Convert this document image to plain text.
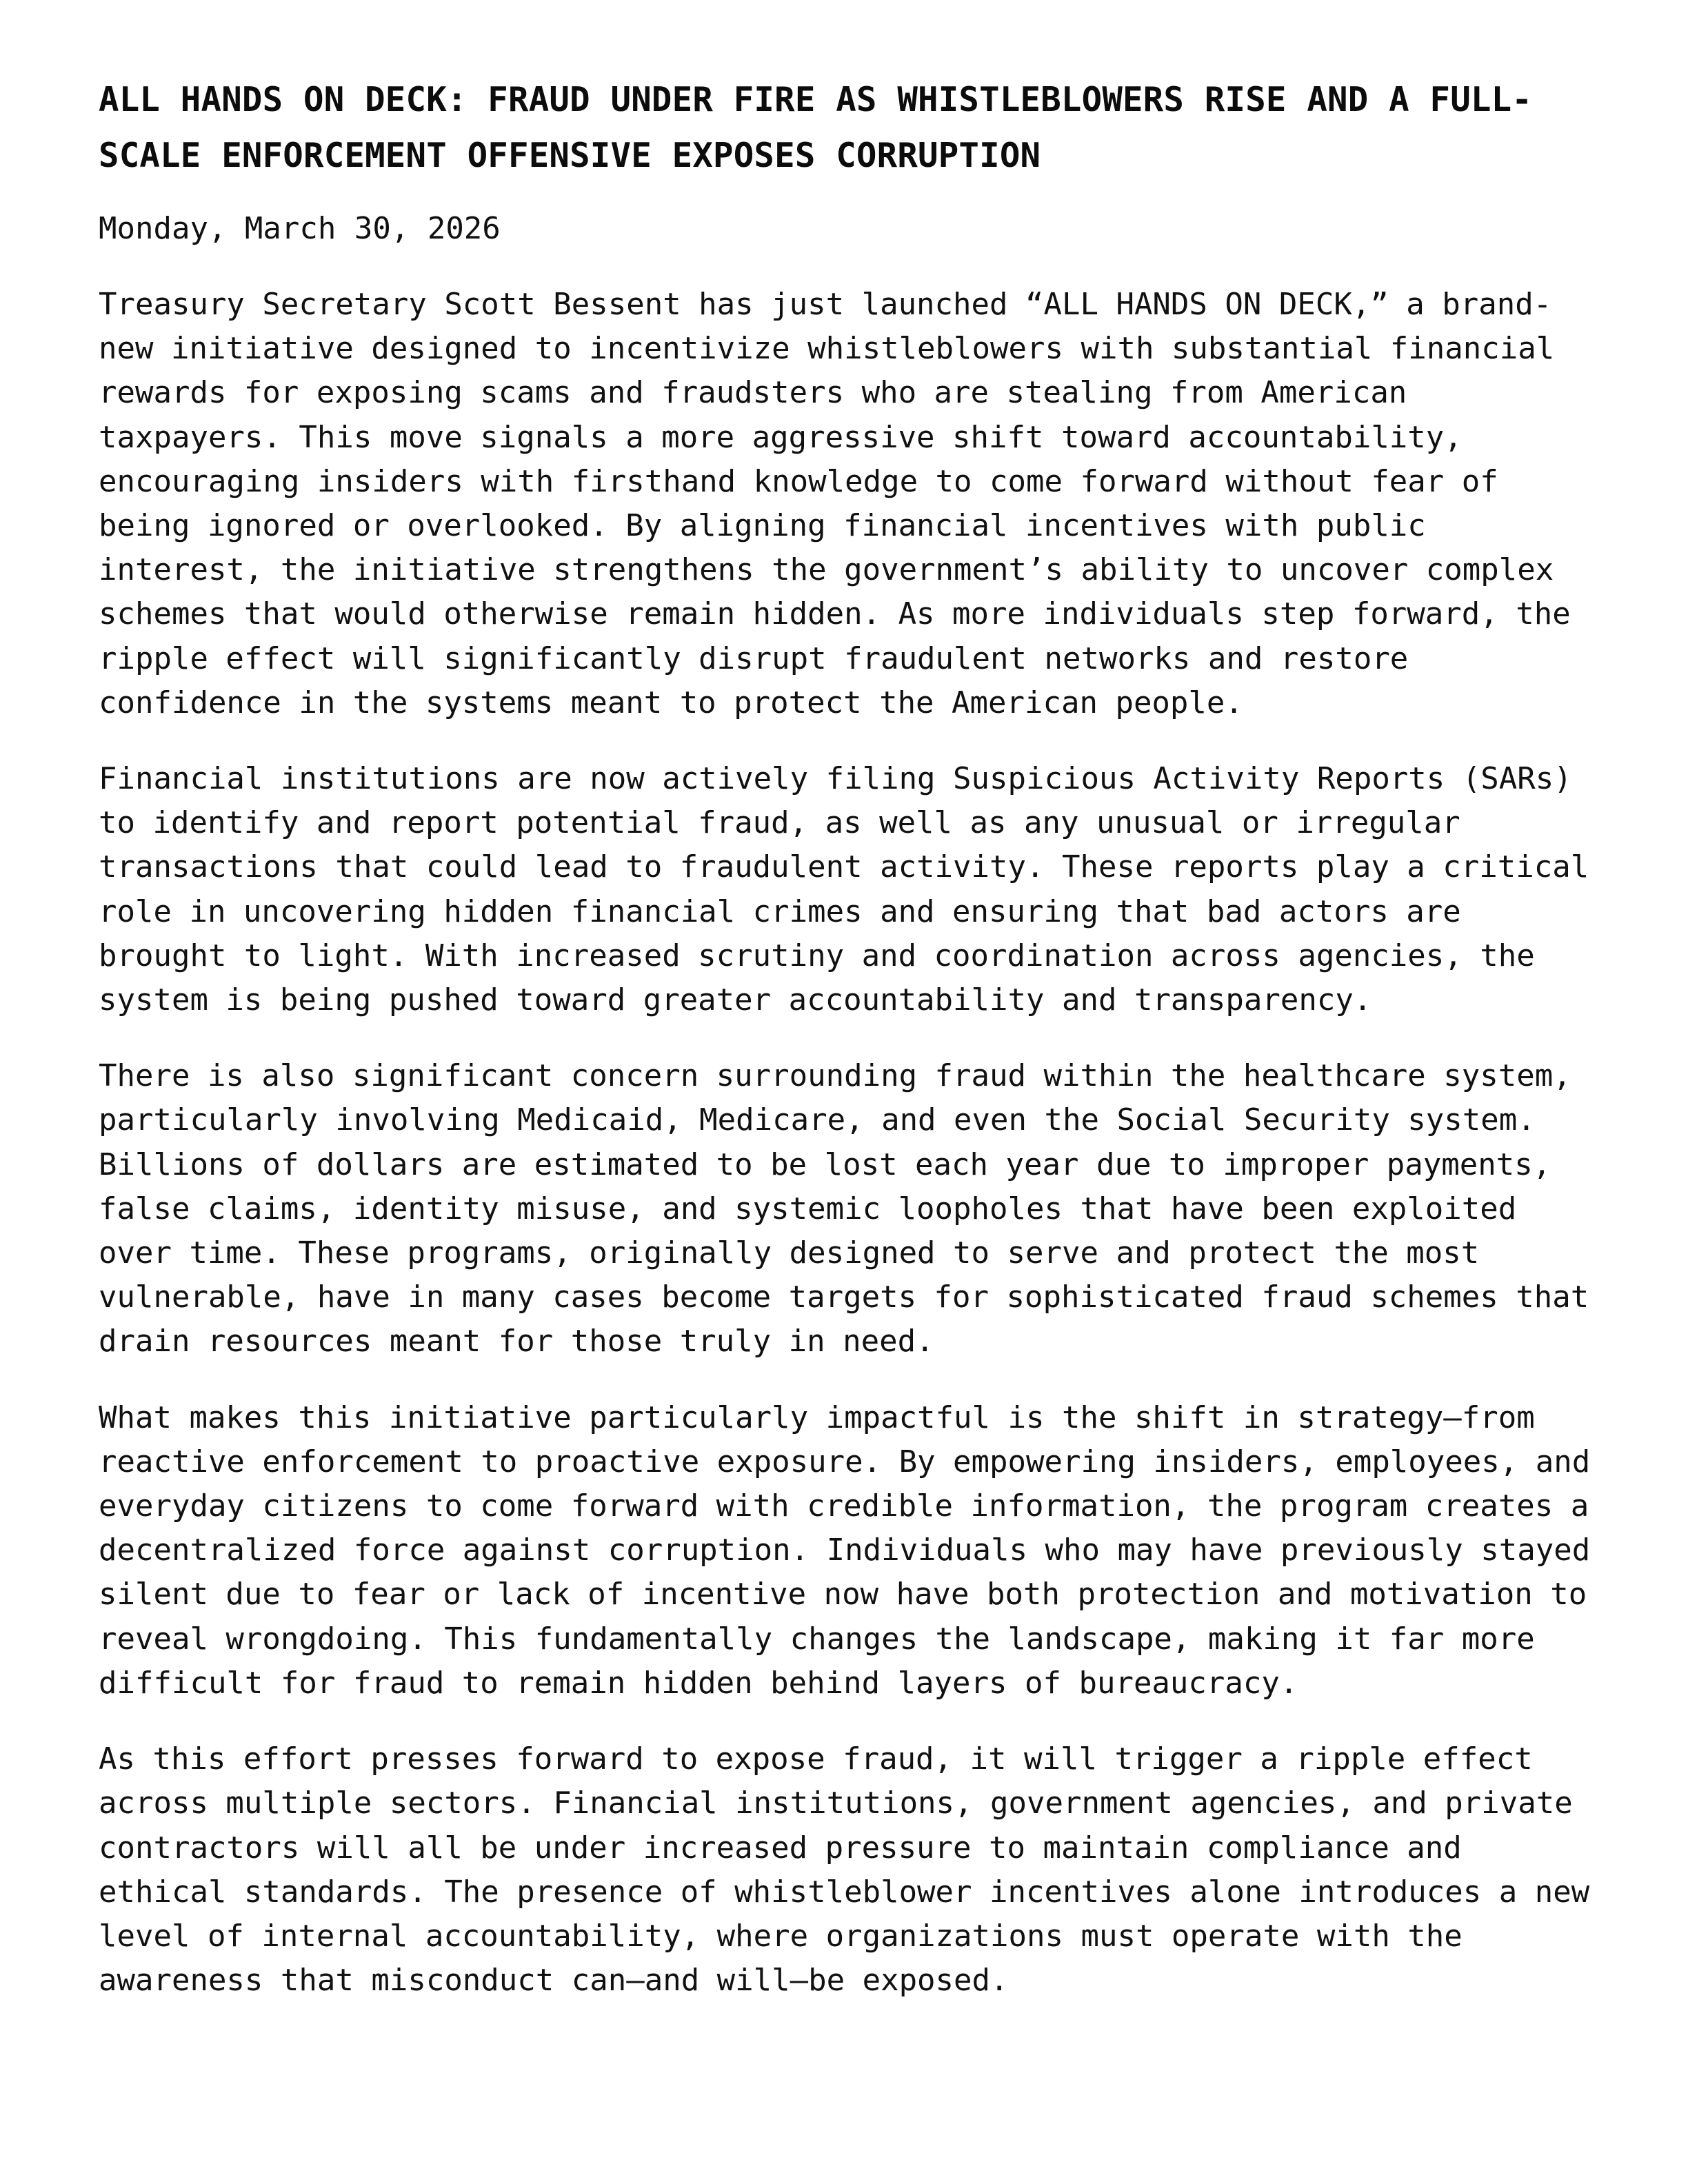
ALL HANDS ON DECK: FRAUD UNDER FIRE AS WHISTLEBLOWERS RISE AND A FULL-SCALE ENFORCEMENT OFFENSIVE EXPOSES CORRUPTION

Monday, March 30, 2026

Treasury Secretary Scott Bessent has just launched “ALL HANDS ON DECK,” a brand-new initiative designed to incentivize whistleblowers with substantial financial rewards for exposing scams and fraudsters who are stealing from American taxpayers. This move signals a more aggressive shift toward accountability, encouraging insiders with firsthand knowledge to come forward without fear of being ignored or overlooked. By aligning financial incentives with public interest, the initiative strengthens the government’s ability to uncover complex schemes that would otherwise remain hidden. As more individuals step forward, the ripple effect will significantly disrupt fraudulent networks and restore confidence in the systems meant to protect the American people.

Financial institutions are now actively filing Suspicious Activity Reports (SARs) to identify and report potential fraud, as well as any unusual or irregular transactions that could lead to fraudulent activity. These reports play a critical role in uncovering hidden financial crimes and ensuring that bad actors are brought to light. With increased scrutiny and coordination across agencies, the system is being pushed toward greater accountability and transparency.

There is also significant concern surrounding fraud within the healthcare system, particularly involving Medicaid, Medicare, and even the Social Security system. Billions of dollars are estimated to be lost each year due to improper payments, false claims, identity misuse, and systemic loopholes that have been exploited over time. These programs, originally designed to serve and protect the most vulnerable, have in many cases become targets for sophisticated fraud schemes that drain resources meant for those truly in need.

What makes this initiative particularly impactful is the shift in strategy—from reactive enforcement to proactive exposure. By empowering insiders, employees, and everyday citizens to come forward with credible information, the program creates a decentralized force against corruption. Individuals who may have previously stayed silent due to fear or lack of incentive now have both protection and motivation to reveal wrongdoing. This fundamentally changes the landscape, making it far more difficult for fraud to remain hidden behind layers of bureaucracy.

As this effort presses forward to expose fraud, it will trigger a ripple effect across multiple sectors. Financial institutions, government agencies, and private contractors will all be under increased pressure to maintain compliance and ethical standards. The presence of whistleblower incentives alone introduces a new level of internal accountability, where organizations must operate with the awareness that misconduct can—and will—be exposed.
